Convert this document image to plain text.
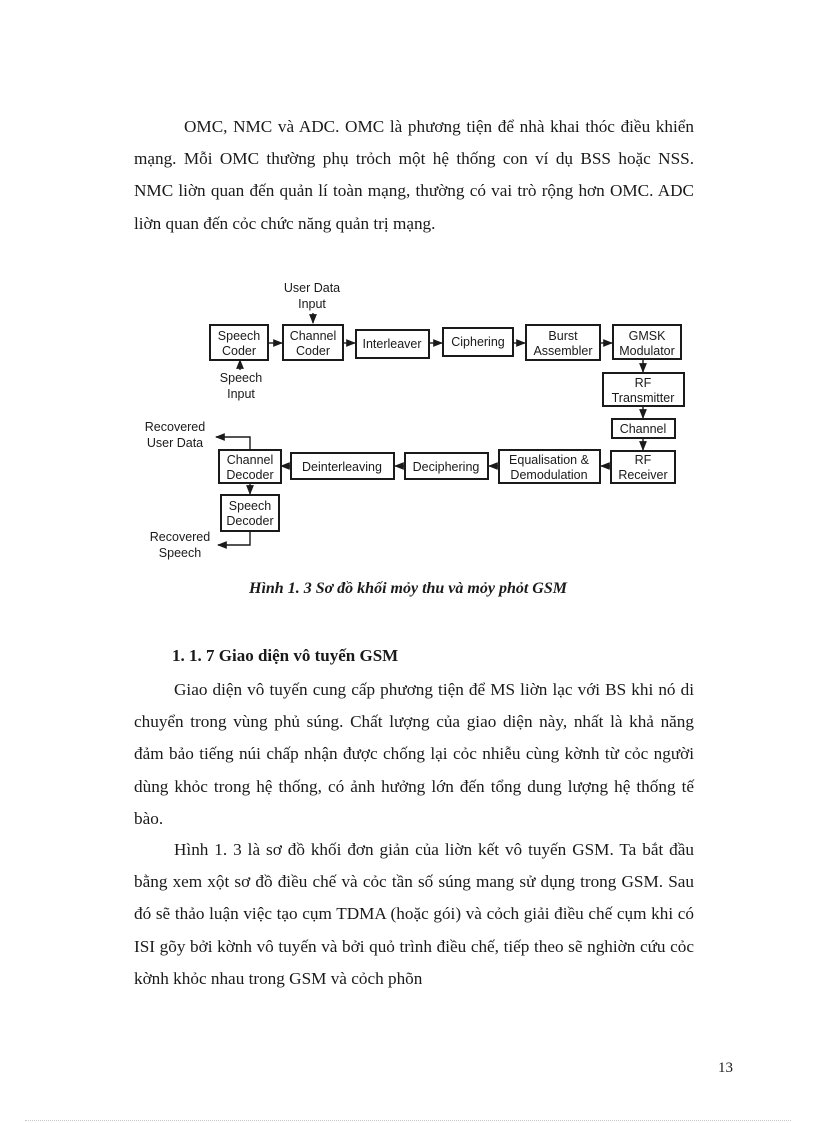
OMC, NMC và ADC. OMC là phương tiện để nhà khai thóc điều khiển mạng. Mỗi OMC thường phụ trỏch một hệ thống con ví dụ BSS hoặc NSS. NMC liờn quan đến quản lí toàn mạng, thường có vai trò rộng hơn OMC. ADC liờn quan đến cỏc chức năng quản trị mạng.

Speech
Coder
Channel
Coder	Interleaver Ciphering	Burst
Assembler
GMSK
Modulator
RF
Transmitter
Channel
RF
Receiver
Equalisation &
Demodulation
Deciphering
Deinterleaving
Channel
Decoder
Speech
Decoder
User Data
Input
Speech
Input
Recovered
User Data
Recovered
Speech
Hình 1. 3 Sơ đồ khối mỏy thu và mỏy phỏt GSM
1. 1. 7 Giao diện vô tuyến GSM

Giao diện vô tuyến cung cấp phương tiện để MS liờn lạc với BS khi nó di chuyển trong vùng phủ súng. Chất lượng của giao diện này, nhất là khả năng đảm bảo tiếng núi chấp nhận được chống lại cỏc nhiễu cùng kờnh từ cỏc người dùng khỏc trong hệ thống, có ảnh hưởng lớn đến tổng dung lượng hệ thống tế bào.

Hình 1. 3 là sơ đồ khối đơn giản của liờn kết vô tuyến GSM. Ta bắt đầu bằng xem xột sơ đồ điều chế và cỏc tần số súng mang sử dụng trong GSM. Sau đó sẽ thảo luận việc tạo cụm TDMA (hoặc gói) và cỏch giải điều chế cụm khi có ISI gõy bởi kờnh vô tuyến và bởi quỏ trình điều chế, tiếp theo sẽ nghiờn cứu cỏc kờnh khỏc nhau trong GSM và cỏch phõn

13
